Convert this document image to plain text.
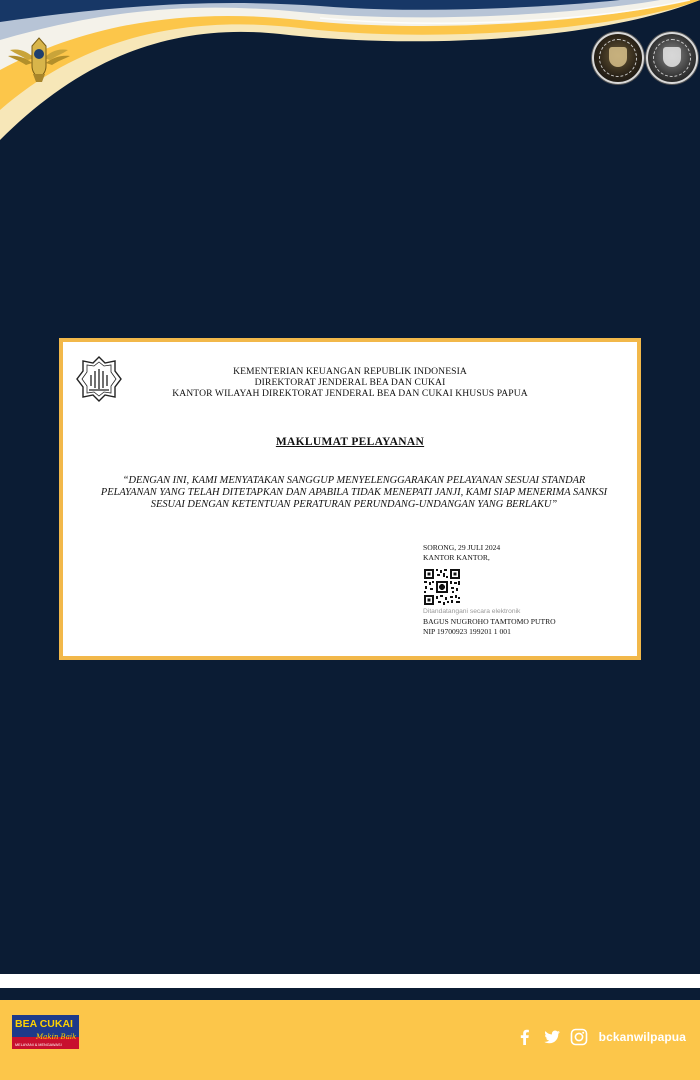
KEMENTERIAN KEUANGAN REPUBLIK INDONESIA
DIREKTORAT JENDERAL BEA DAN CUKAI
KANTOR WILAYAH DIREKTORAT JENDERAL BEA DAN CUKAI KHUSUS PAPUA
MAKLUMAT PELAYANAN
“DENGAN INI, KAMI MENYATAKAN SANGGUP MENYELENGGARAKAN PELAYANAN SESUAI STANDAR PELAYANAN YANG TELAH DITETAPKAN DAN APABILA TIDAK MENEPATI JANJI, KAMI SIAP MENERIMA SANKSI SESUAI DENGAN KETENTUAN PERATURAN PERUNDANG-UNDANGAN YANG BERLAKU”
SORONG, 29 JULI 2024
KANTOR KANTOR,
Ditandatangani secara elektronik
BAGUS NUGROHO TAMTOMO PUTRO
NIP 19700923 199201 1 001
BEA CUKAI
Makin Baik
MELAYANI & MENGAWASI
bckanwilpapua
